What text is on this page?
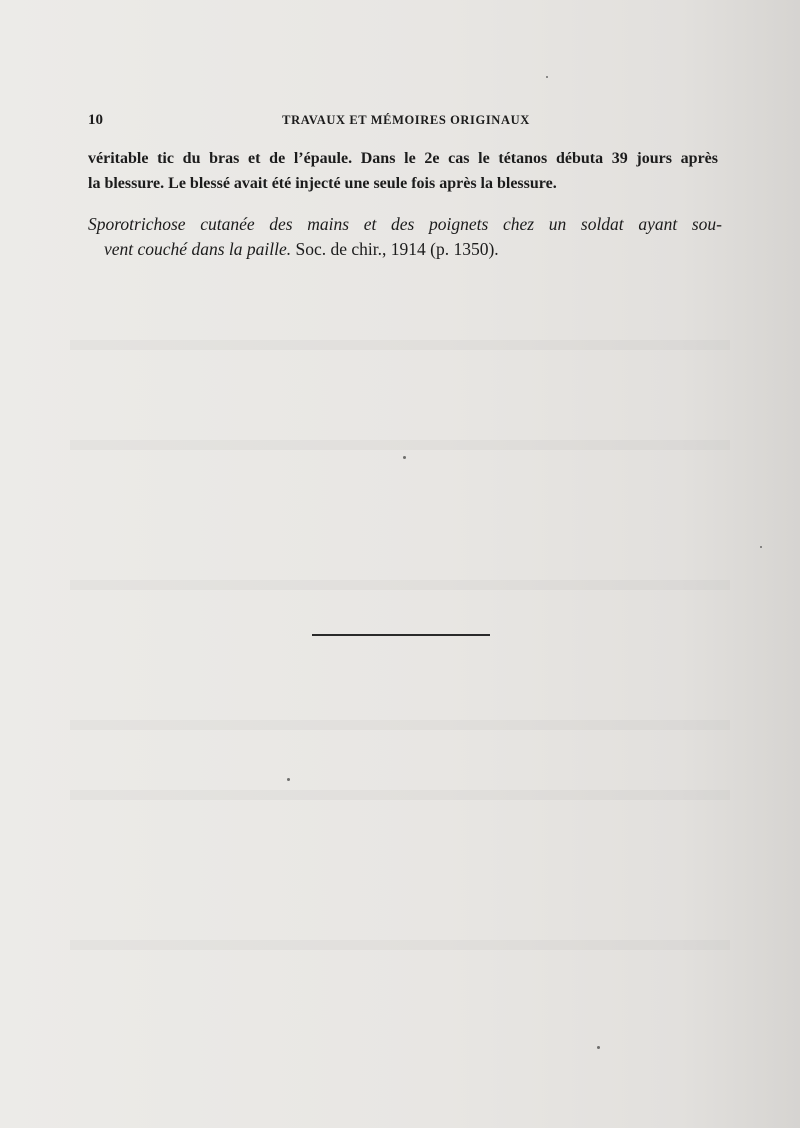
10	TRAVAUX ET MÉMOIRES ORIGINAUX
véritable tic du bras et de l’épaule. Dans le 2e cas le tétanos débuta 39 jours après
la blessure. Le blessé avait été injecté une seule fois après la blessure.
Sporotrichose cutanée des mains et des poignets chez un soldat ayant sou-
vent couché dans la paille. Soc. de chir., 1914 (p. 1350).
